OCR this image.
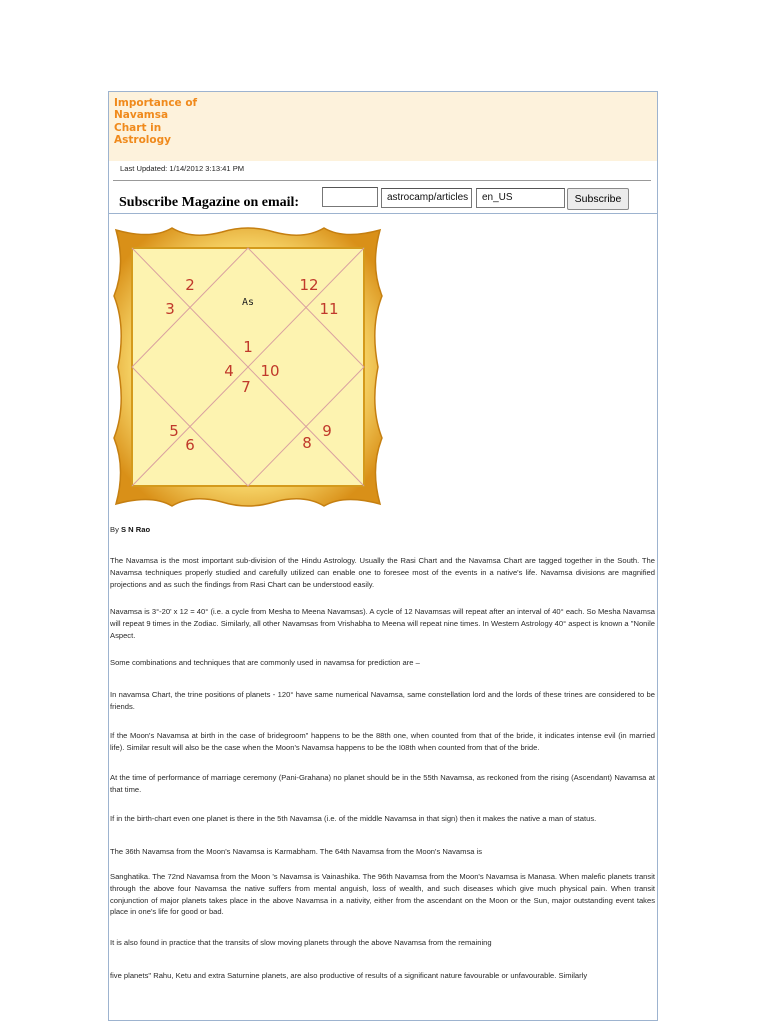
Importance of Navamsa Chart in Astrology
Last Updated: 1/14/2012 3:13:41 PM
Subscribe Magazine on email:	astrocamp/articles	en_US	Subscribe
1
2
3
4
5
6
7
8
9
10
11
12
As
By S N Rao
The Navamsa is the most important sub-division of the Hindu Astrology. Usually the Rasi Chart and the Navamsa Chart are tagged together in the South. The Navamsa techniques properly studied and carefully utilized can enable one to foresee most of the events in a native's life. Navamsa divisions are magnified projections and as such the findings from Rasi Chart can be understood easily.
Navamsa is 3°-20' x 12 = 40° (i.e. a cycle from Mesha to Meena Navamsas). A cycle of 12 Navamsas will repeat after an interval of 40° each. So Mesha Navamsa will repeat 9 times in the Zodiac. Similarly, all other Navamsas from Vrishabha to Meena will repeat nine times. In Western Astrology 40° aspect is known a "Nonile Aspect.
Some combinations and techniques that are commonly used in navamsa for prediction are –
In navamsa Chart, the trine positions of planets - 120° have same numerical Navamsa, same constellation lord and the lords of these trines are considered to be friends.
If the Moon's Navamsa at birth in the case of bridegroom" happens to be the 88th one, when counted from that of the bride, it indicates intense evil (in married life). Similar result will also be the case when the Moon's Navamsa happens to be the I08th when counted from that of the bride.
At the time of performance of marriage ceremony (Pani-Grahana) no planet should be in the 55th Navamsa, as reckoned from the rising (Ascendant) Navamsa at that time.
If in the birth-chart even one planet is there in the 5th Navamsa (i.e. of the middle Navamsa in that sign) then it makes the native a man of status.
The 36th Navamsa from the Moon's Navamsa is Karmabham. The 64th Navamsa from the Moon's Navamsa is
Sanghatika. The 72nd Navamsa from the Moon 's Navamsa is Vainashika. The 96th Navamsa from the Moon's Navamsa is Manasa. When malefic planets transit through the above four Navamsa the native suffers from mental anguish, loss of wealth, and such diseases which give much physical pain. When transit conjunction of major planets takes place in the above Navamsa in a nativity, either from the ascendant on the Moon or the Sun, major outstanding event takes place in one's life for good or bad.
It is also found in practice that the transits of slow moving planets through the above Navamsa from the remaining
five planets" Rahu, Ketu and extra Saturnine planets, are also productive of results of a significant nature favourable or unfavourable. Similarly
